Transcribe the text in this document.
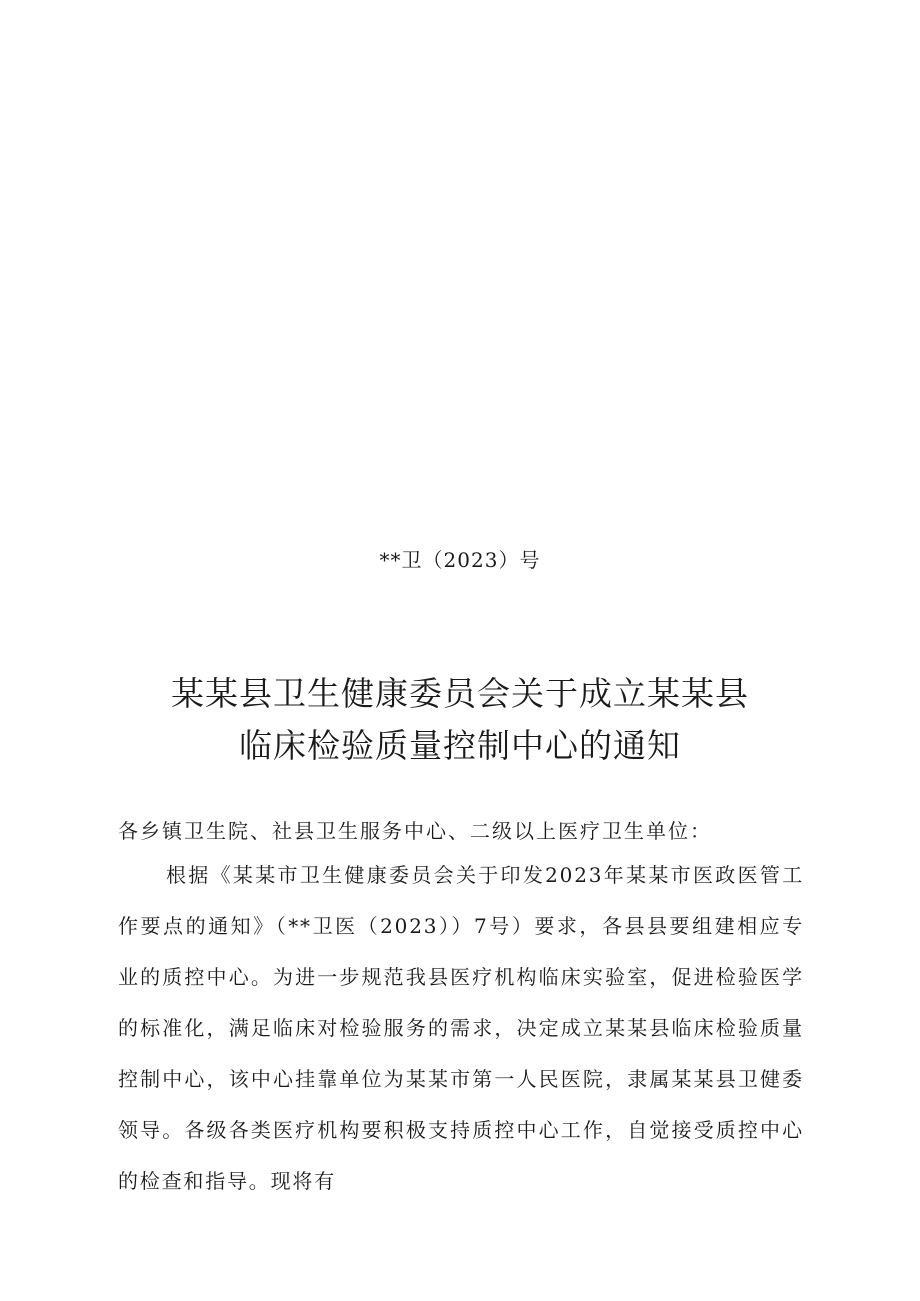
**卫（2023）号
某某县卫生健康委员会关于成立某某县
临床检验质量控制中心的通知
各乡镇卫生院、社县卫生服务中心、二级以上医疗卫生单位：
根据《某某市卫生健康委员会关于印发2023年某某市医政医管工作要点的通知》（**卫医（2023））7号）要求，各县县要组建相应专业的质控中心。为进一步规范我县医疗机构临床实验室，促进检验医学的标准化，满足临床对检验服务的需求，决定成立某某县临床检验质量控制中心，该中心挂靠单位为某某市第一人民医院，隶属某某县卫健委领导。各级各类医疗机构要积极支持质控中心工作，自觉接受质控中心的检查和指导。现将有
